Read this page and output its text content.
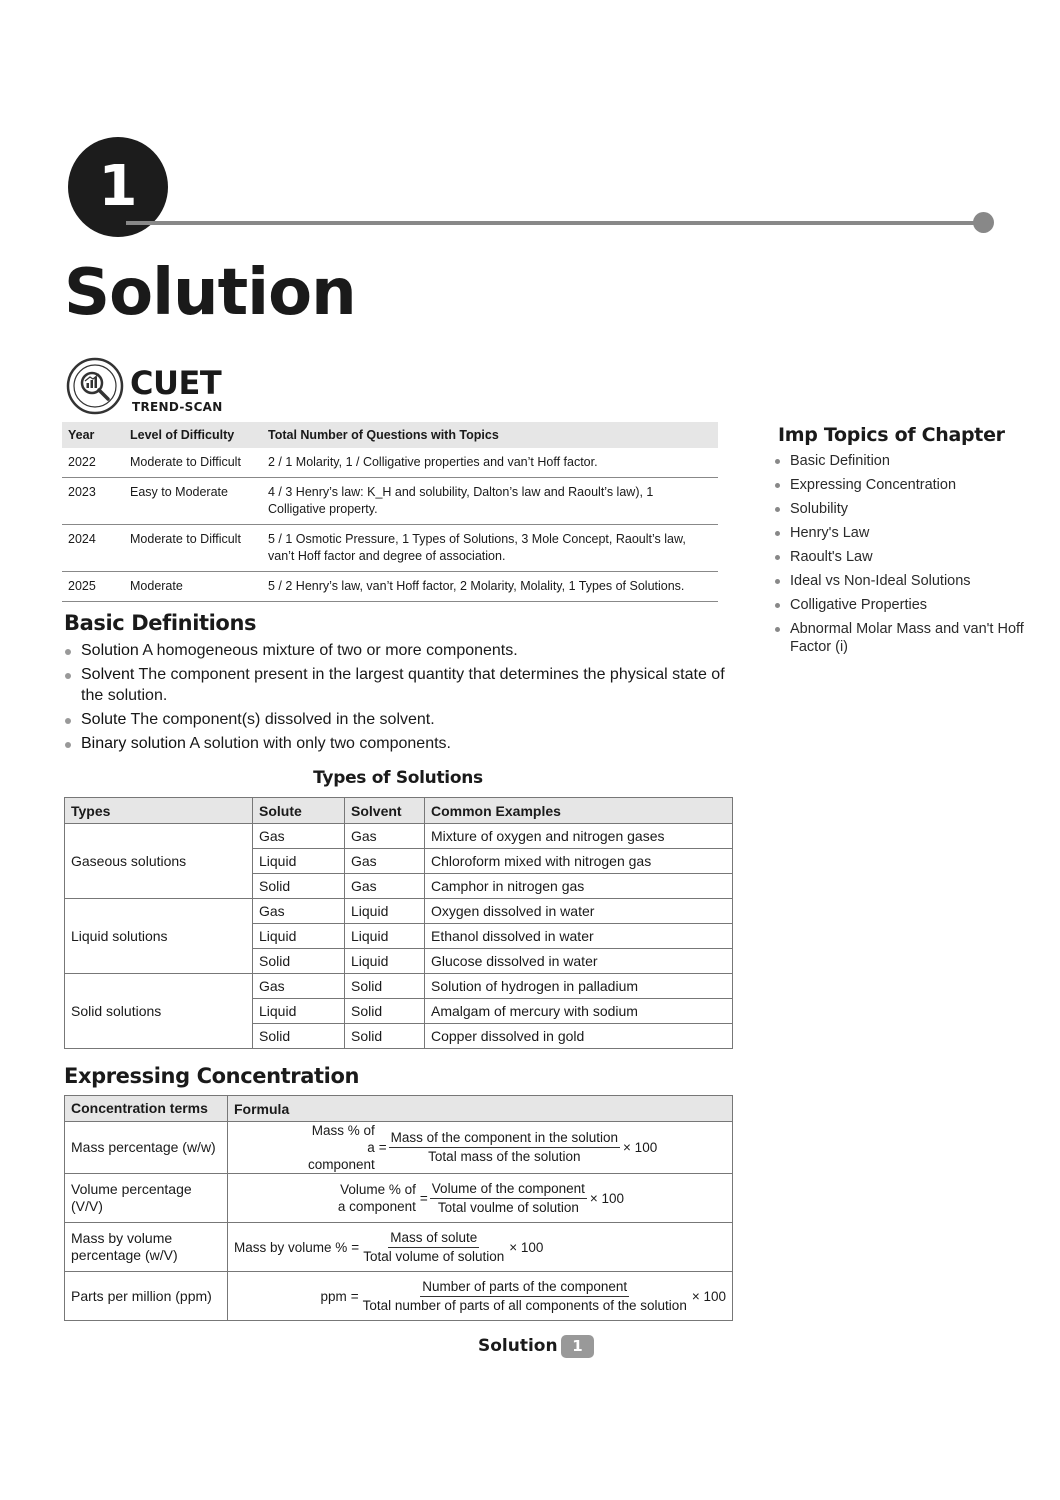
1
Solution
CUET
TREND-SCAN
Year	Level of Difficulty	Total Number of Questions with Topics
2022	Moderate to Difficult	2 / 1 Molarity, 1 / Colligative properties and van’t Hoff factor.
2023	Easy to Moderate	4 / 3 Henry’s law: K_H and solubility, Dalton’s law and Raoult’s law), 1 Colligative property.
2024	Moderate to Difficult	5 / 1 Osmotic Pressure, 1 Types of Solutions, 3 Mole Concept, Raoult’s law, van’t Hoff factor and degree of association.
2025	Moderate	5 / 2 Henry’s law, van’t Hoff factor, 2 Molarity, Molality, 1 Types of Solutions.
Imp Topics of Chapter
Basic Definition
Expressing Concentration
Solubility
Henry's Law
Raoult's Law
Ideal vs Non-Ideal Solutions
Colligative Properties
Abnormal Molar Mass and van't Hoff Factor (i)
Basic Definitions
Solution A homogeneous mixture of two or more components.
Solvent The component present in the largest quantity that determines the physical state of the solution.
Solute The component(s) dissolved in the solvent.
Binary solution A solution with only two components.
Types of Solutions
Types	Solute	Solvent	Common Examples
Gaseous solutions	Gas	Gas	Mixture of oxygen and nitrogen gases
	Liquid	Gas	Chloroform mixed with nitrogen gas
	Solid	Gas	Camphor in nitrogen gas
Liquid solutions	Gas	Liquid	Oxygen dissolved in water
	Liquid	Liquid	Ethanol dissolved in water
	Solid	Liquid	Glucose dissolved in water
Solid solutions	Gas	Solid	Solution of hydrogen in palladium
	Liquid	Solid	Amalgam of mercury with sodium
	Solid	Solid	Copper dissolved in gold
Expressing Concentration
Concentration terms	Formula
Mass percentage (w/w)	Mass % of a component
= $\frac{\text{Mass of the component in the solution}}{\text{Total mass of the solution}} \times 100$

Volume percentage (V/V)	Volume % of a component
= $\frac{\text{Volume of the component}}{\text{Total voulme of solution}} \times 100$

Mass by volume percentage (w/V)	Mass by volume % = $\frac{\text{Mass of solute}}{\text{Total volume of solution}} \times 100$

Parts per million (ppm)	ppm = $\frac{\text{Number of parts of the component}}{\text{Total number of parts of all components of the solution}} \times 100$
Solution 1
